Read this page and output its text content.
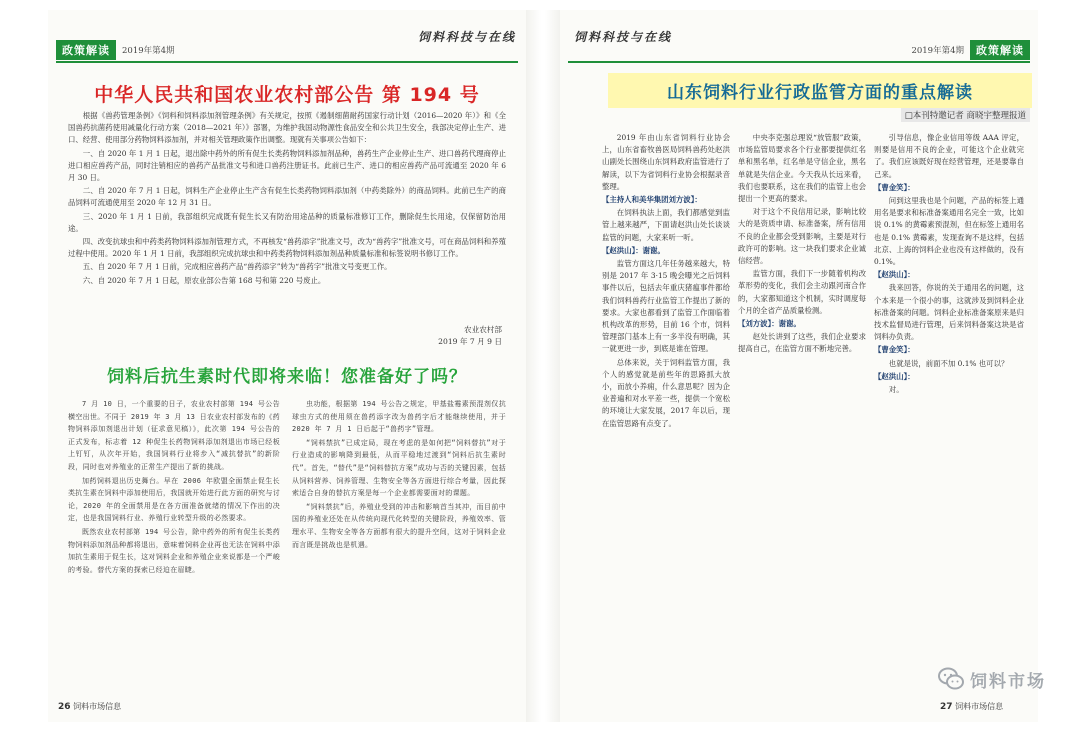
饲料科技与在线
政策解读	2019年第4期
中华人民共和国农业农村部公告 第 194 号

根据《兽药管理条例》《饲料和饲料添加剂管理条例》有关规定，按照《遏制细菌耐药国家行动计划（2016—2020 年）》和《全国兽药抗菌药使用减量化行动方案（2018—2021 年）》部署，为维护我国动物源性食品安全和公共卫生安全，我部决定停止生产、进口、经营、使用部分药物饲料添加剂，并对相关管理政策作出调整。现就有关事项公告如下：

一、自 2020 年 1 月 1 日起，退出除中药外的所有促生长类药物饲料添加剂品种，兽药生产企业停止生产、进口兽药代理商停止进口相应兽药产品，同时注销相应的兽药产品批准文号和进口兽药注册证书。此前已生产、进口的相应兽药产品可流通至 2020 年 6 月 30 日。

二、自 2020 年 7 月 1 日起，饲料生产企业停止生产含有促生长类药物饲料添加剂（中药类除外）的商品饲料。此前已生产的商品饲料可流通使用至 2020 年 12 月 31 日。

三、2020 年 1 月 1 日前，我部组织完成既有促生长又有防治用途品种的质量标准修订工作，删除促生长用途，仅保留防治用途。

四、改变抗球虫和中药类药物饲料添加剂管理方式，不再核发“兽药添字”批准文号，改为“兽药字”批准文号，可在商品饲料和养殖过程中使用。2020 年 1 月 1 日前，我部组织完成抗球虫和中药类药物饲料添加剂品种质量标准和标签说明书修订工作。

五、自 2020 年 7 月 1 日前，完成相应兽药产品“兽药添字”转为“兽药字”批准文号变更工作。

六、自 2020 年 7 月 1 日起，原农业部公告第 168 号和第 220 号废止。

农业农村部
2019 年 7 月 9 日
饲料后抗生素时代即将来临！您准备好了吗？

7 月 10 日，一个重要的日子，农业农村部第 194 号公告横空出世。不同于 2019 年 3 月 13 日农业农村部发布的《药物饲料添加剂退出计划（征求意见稿）》，此次第 194 号公告的正式发布，标志着 12 种促生长药物饲料添加剂退出市场已经板上钉钉，从次年开始，我国饲料行业将步入“减抗替抗”的新阶段，同时也对养殖业的正常生产提出了新的挑战。

加药饲料退出历史舞台。早在 2006 年欧盟全面禁止促生长类抗生素在饲料中添加使用后，我国就开始进行此方面的研究与讨论，2020 年的全面禁用是在各方面准备就绪的情况下作出的决定，也是我国饲料行业、养殖行业转型升级的必然要求。

既然农业农村部第 194 号公告，除中药外的所有促生长类药物饲料添加剂品种都将退出，意味着饲料企业再也无法在饲料中添加抗生素用于促生长，这对饲料企业和养殖企业来说都是一个严峻的考验。替代方案的探索已经迫在眉睫。

虫功能，根据第 194 号公告之规定，甲基盐霉素预混剂仅抗球虫方式的使用须在兽药添字改为兽药字后才能继续使用，并于 2020 年 7 月 1 日后起于“兽药字”管理。

“饲料禁抗”已成定局，现在考虑的是如何把“饲料替抗”对于行业造成的影响降到最低，从而平稳地过渡到“饲料后抗生素时代”。首先，“替代”是“饲料替抗方案”成功与否的关键因素，包括从饲料营养、饲养管理、生物安全等各方面进行综合考量，因此探索适合自身的替抗方案是每一个企业都需要面对的课题。

“饲料禁抗”后，养殖业受到的冲击和影响首当其冲，而目前中国的养殖业还处在从传统向现代化转型的关键阶段，养殖效率、管理水平、生物安全等各方面都有很大的提升空间，这对于饲料企业而言既是挑战也是机遇。

26 饲料市场信息
饲料科技与在线
2019年第4期	政策解读
山东饲料行业行政监管方面的重点解读
□本刊特邀记者 商晓宇整理报道

2019 年由山东省饲料行业协会上，山东省畜牧兽医局饲料兽药处赵洪山副处长围绕山东饲料政府监管进行了解读，以下为省饲料行业协会根据录音整理。

【主持人和美华集团刘方波】：

在饲料执法上面，我们都感觉到监管上越来越严，下面请赵洪山处长谈谈监管的问题，大家来听一听。

【赵洪山】：谢谢。

监管方面这几年任务越来越大，特别是 2017 年 3·15 晚会曝光之后饲料事件以后，包括去年重庆猪瘟事件都给我们饲料兽药行业监管工作提出了新的要求。大家也都看到了监管工作面临着机构改革的形势，目前 16 个市，饲料管理部门基本上有一多半没有明确，其一就更进一步，到底是谁在管理。

总体来说，关于饲料监管方面，我个人的感觉就是前些年的思路抓大放小，而放小养痈，什么意思呢？因为企业普遍和对水平差一些，提供一个宽松的环境让大家发展，2017 年以后，现在监管思路有点变了。

中央李克强总理说“放管服”政策，市场监管局要求各个行业都要提供红名单和黑名单，红名单是守信企业，黑名单就是失信企业。今天我从长远来看，我们也要联系，这在我们的监管上也会提出一个更高的要求。

对于这个不良信用记录，影响比较大的是资质申请、标准备案，所有信用不良的企业都会受到影响，主要是对行政许可的影响。这一块我们要求企业诚信经营。

监管方面，我们下一步随着机构改革形势的变化，我们会主动跟河南合作的，大家都知道这个机制，实时调度每个月的全省产品质量检测。

【刘方波】：谢谢。

赵处长讲到了这些，我们企业要求提高自己，在监管方面不断地完善。

引导信息，像企业信用等级 AAA 评定，则要是信用不良的企业，可能这个企业就完了。我们应该既好现在经营管理，还是要靠自己来。

【曹金笑】：

问到这里我也是个问题，产品的标签上通用名是要求和标准备案通用名完全一致，比如说 0.1% 的黄霉素预混剂，但在标签上通用名也是 0.1% 黄霉素，发现查询不是这样，包括北京、上海的饲料企业也没有这样做的，没有 0.1%。

【赵洪山】：

我来回答，你说的关于通用名的问题，这个本来是一个很小的事，这就涉及到饲料企业标准备案的问题。饲料企业标准备案原来是归技术监督局进行管理，后来饲料备案这块是省饲料办负责。

【曹金笑】：

也就是说，前面不加 0.1% 也可以？

【赵洪山】：

对。

27 饲料市场信息
饲料市场
